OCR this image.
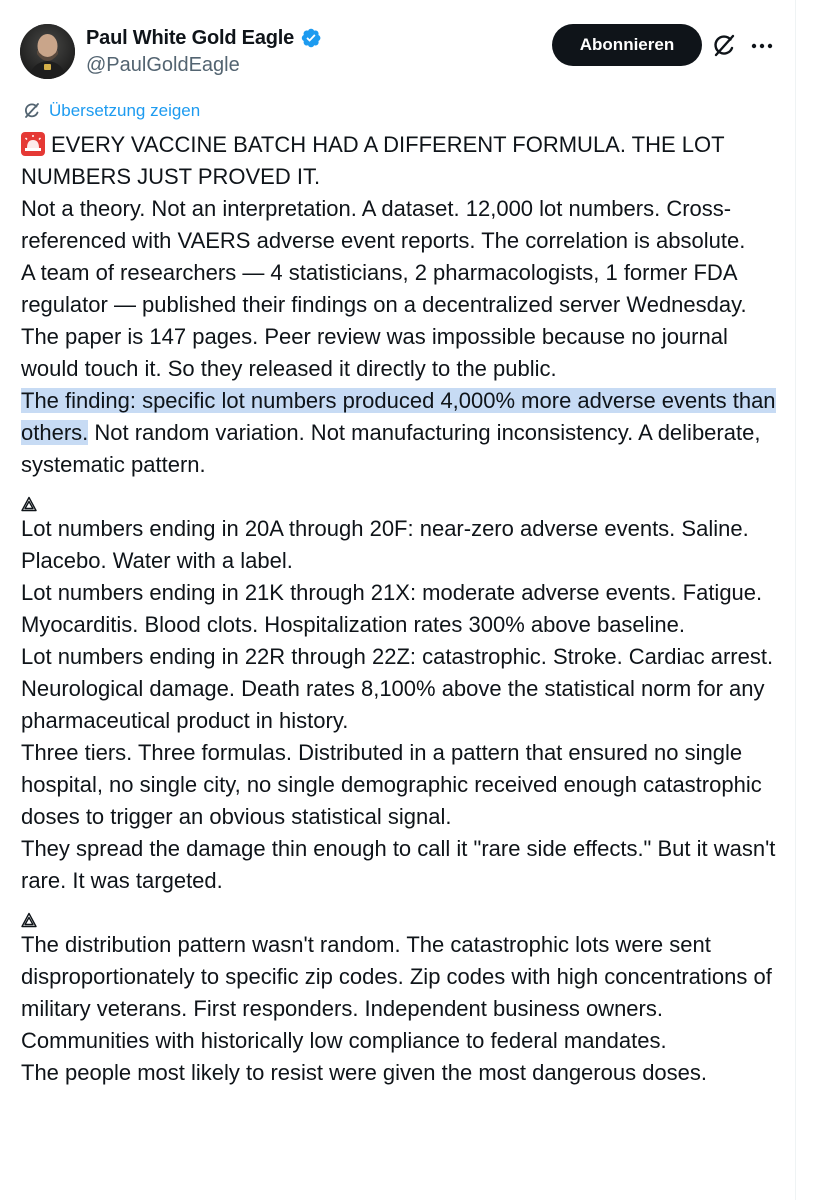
Paul White Gold Eagle
@PaulGoldEagle
Abonnieren
Übersetzung zeigen

EVERY VACCINE BATCH HAD A DIFFERENT FORMULA. THE LOT NUMBERS JUST PROVED IT.

Not a theory. Not an interpretation. A dataset. 12,000 lot numbers. Cross-referenced with VAERS adverse event reports. The correlation is absolute.

A team of researchers — 4 statisticians, 2 pharmacologists, 1 former FDA regulator — published their findings on a decentralized server Wednesday. The paper is 147 pages. Peer review was impossible because no journal would touch it. So they released it directly to the public.

The finding: specific lot numbers produced 4,000% more adverse events than others. Not random variation. Not manufacturing inconsistency. A deliberate, systematic pattern.

Lot numbers ending in 20A through 20F: near-zero adverse events. Saline. Placebo. Water with a label.

Lot numbers ending in 21K through 21X: moderate adverse events. Fatigue. Myocarditis. Blood clots. Hospitalization rates 300% above baseline.

Lot numbers ending in 22R through 22Z: catastrophic. Stroke. Cardiac arrest. Neurological damage. Death rates 8,100% above the statistical norm for any pharmaceutical product in history.

Three tiers. Three formulas. Distributed in a pattern that ensured no single hospital, no single city, no single demographic received enough catastrophic doses to trigger an obvious statistical signal.

They spread the damage thin enough to call it "rare side effects." But it wasn't rare. It was targeted.

The distribution pattern wasn't random. The catastrophic lots were sent disproportionately to specific zip codes. Zip codes with high concentrations of military veterans. First responders. Independent business owners. Communities with historically low compliance to federal mandates.

The people most likely to resist were given the most dangerous doses.
